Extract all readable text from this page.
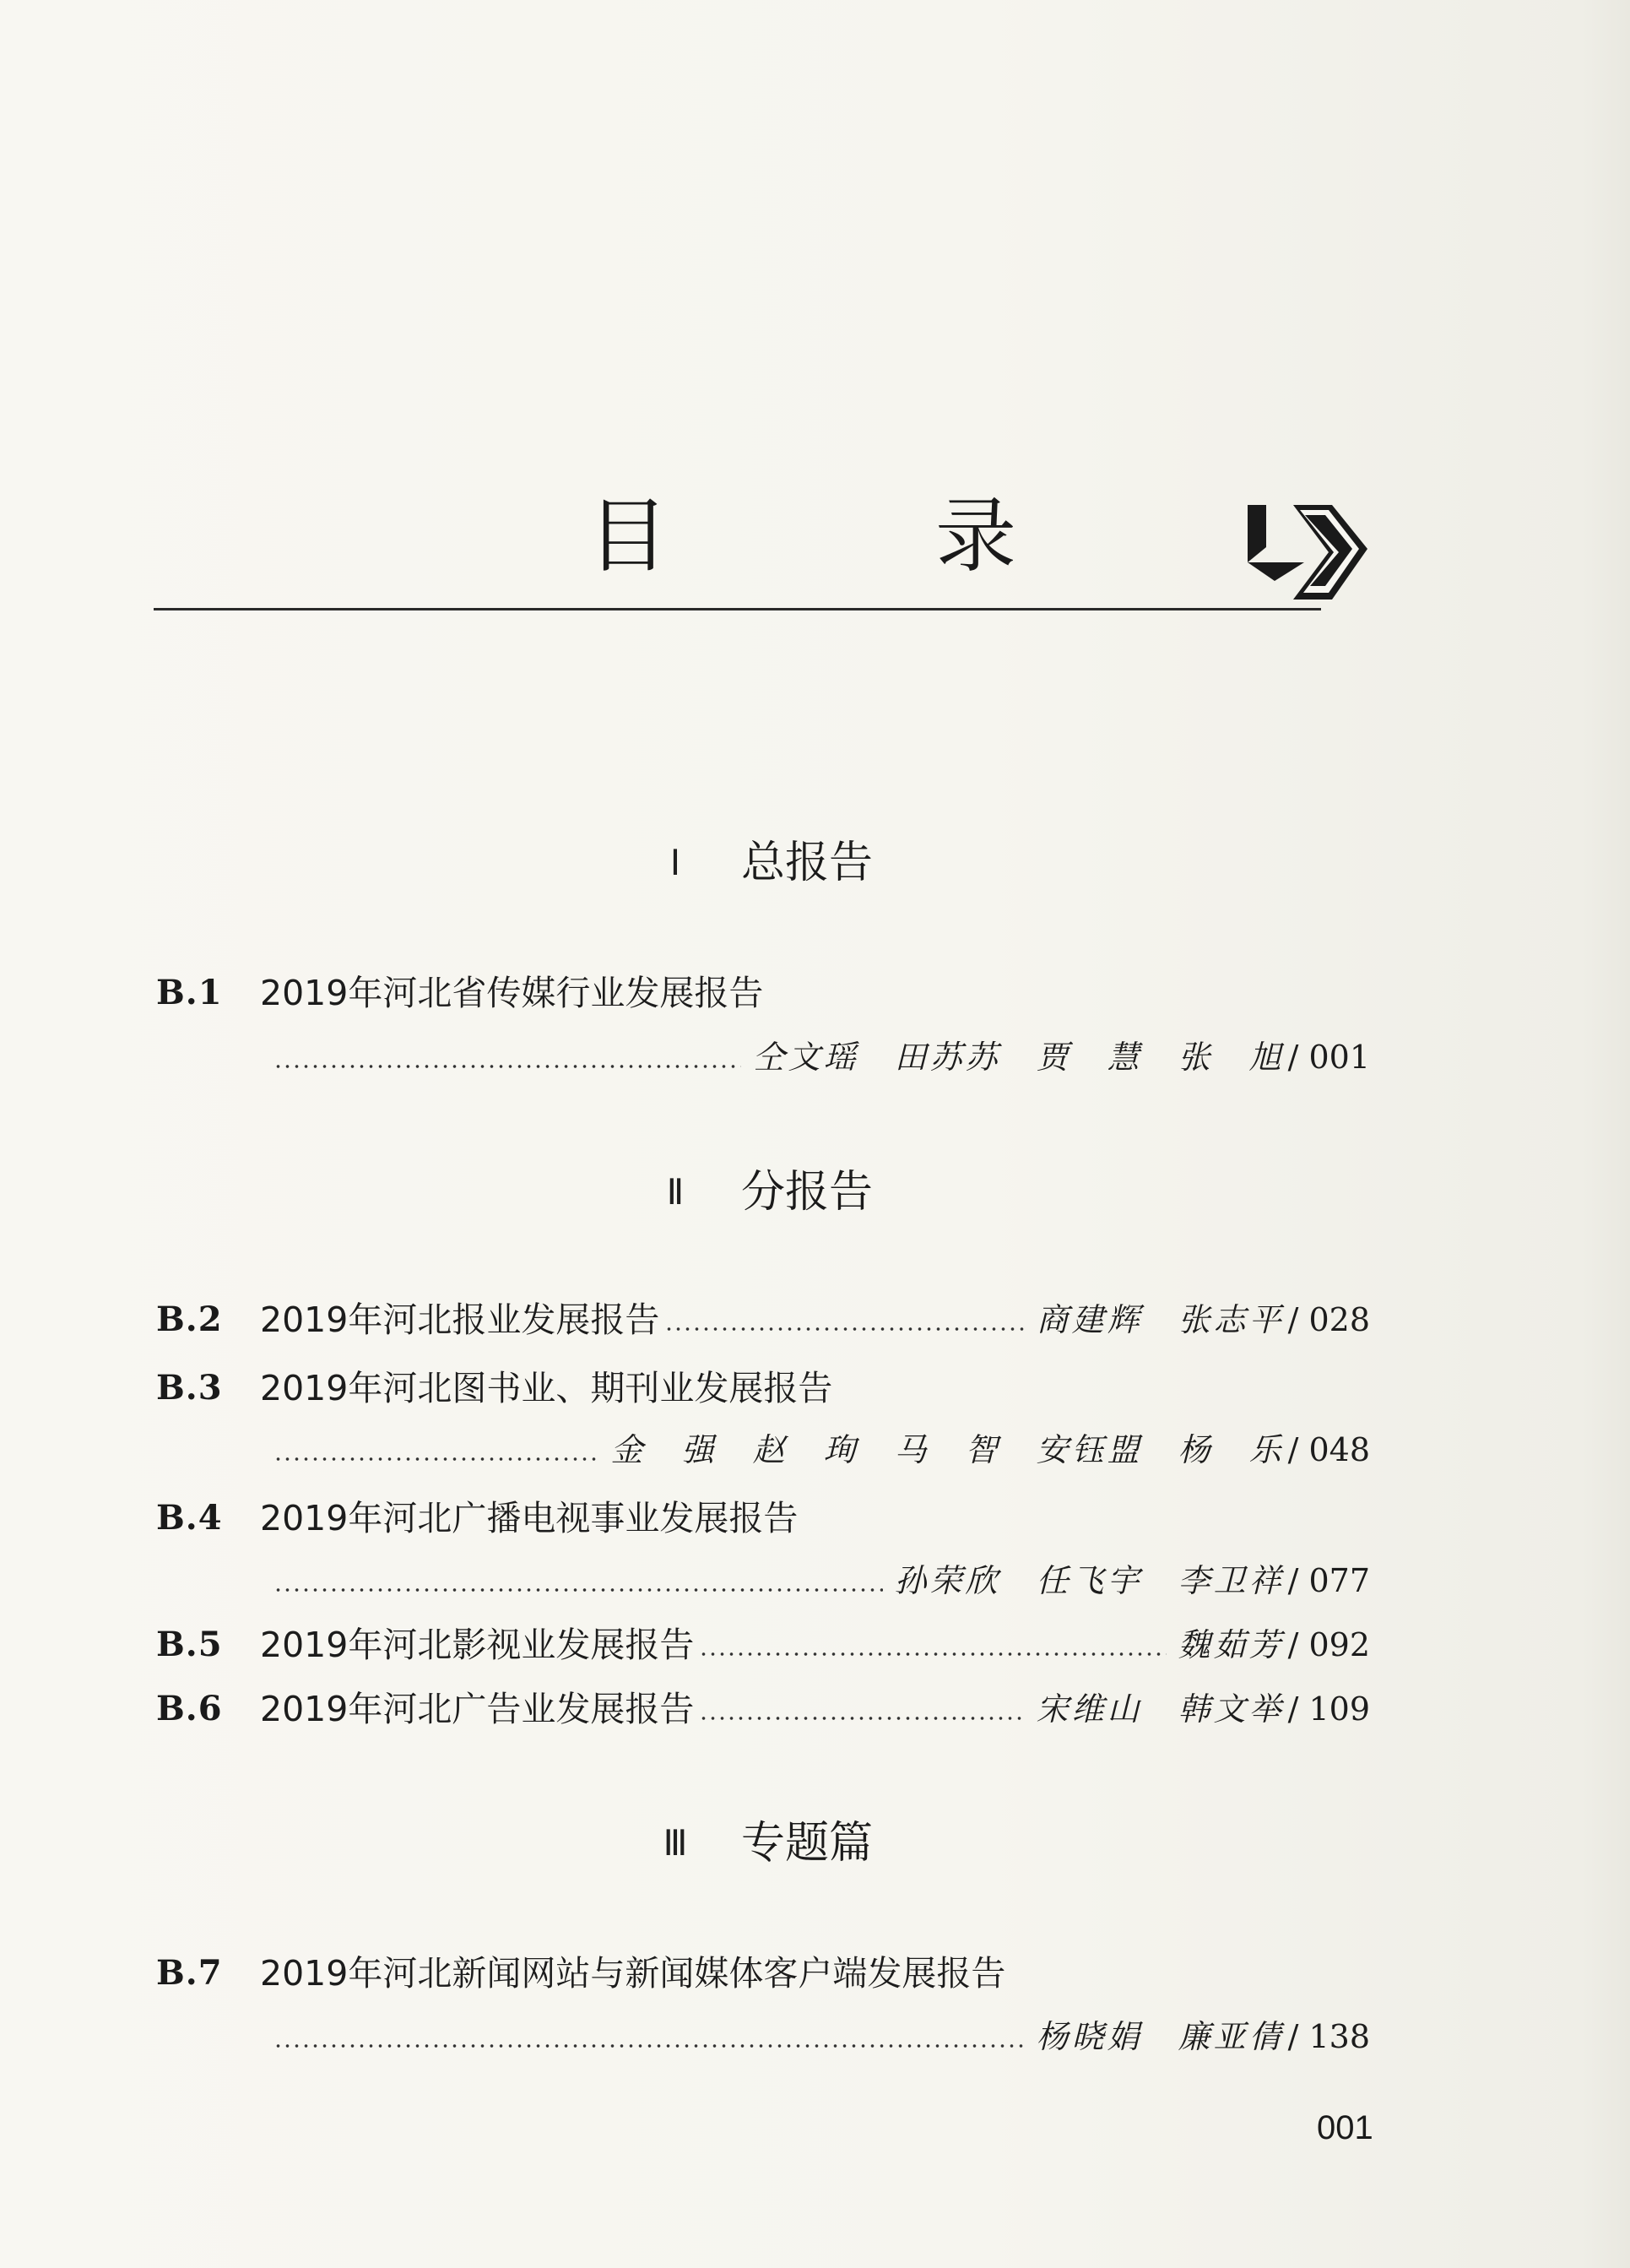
目　录
Ⅰ	总报告
B.1 2019年河北省传媒行业发展报告
仝文瑶　田苏苏　贾　慧　张　旭 / 001
Ⅱ	分报告
B.2 2019年河北报业发展报告	商建辉　张志平 / 028
B.3 2019年河北图书业、期刊业发展报告
金　强　赵　珣　马　智　安钰盟　杨　乐 / 048
B.4 2019年河北广播电视事业发展报告
孙荣欣　任飞宇　李卫祥 / 077
B.5 2019年河北影视业发展报告	魏茹芳 / 092
B.6 2019年河北广告业发展报告	宋维山　韩文举 / 109
Ⅲ 专题篇
B.7 2019年河北新闻网站与新闻媒体客户端发展报告
杨晓娟　廉亚倩 / 138
001
